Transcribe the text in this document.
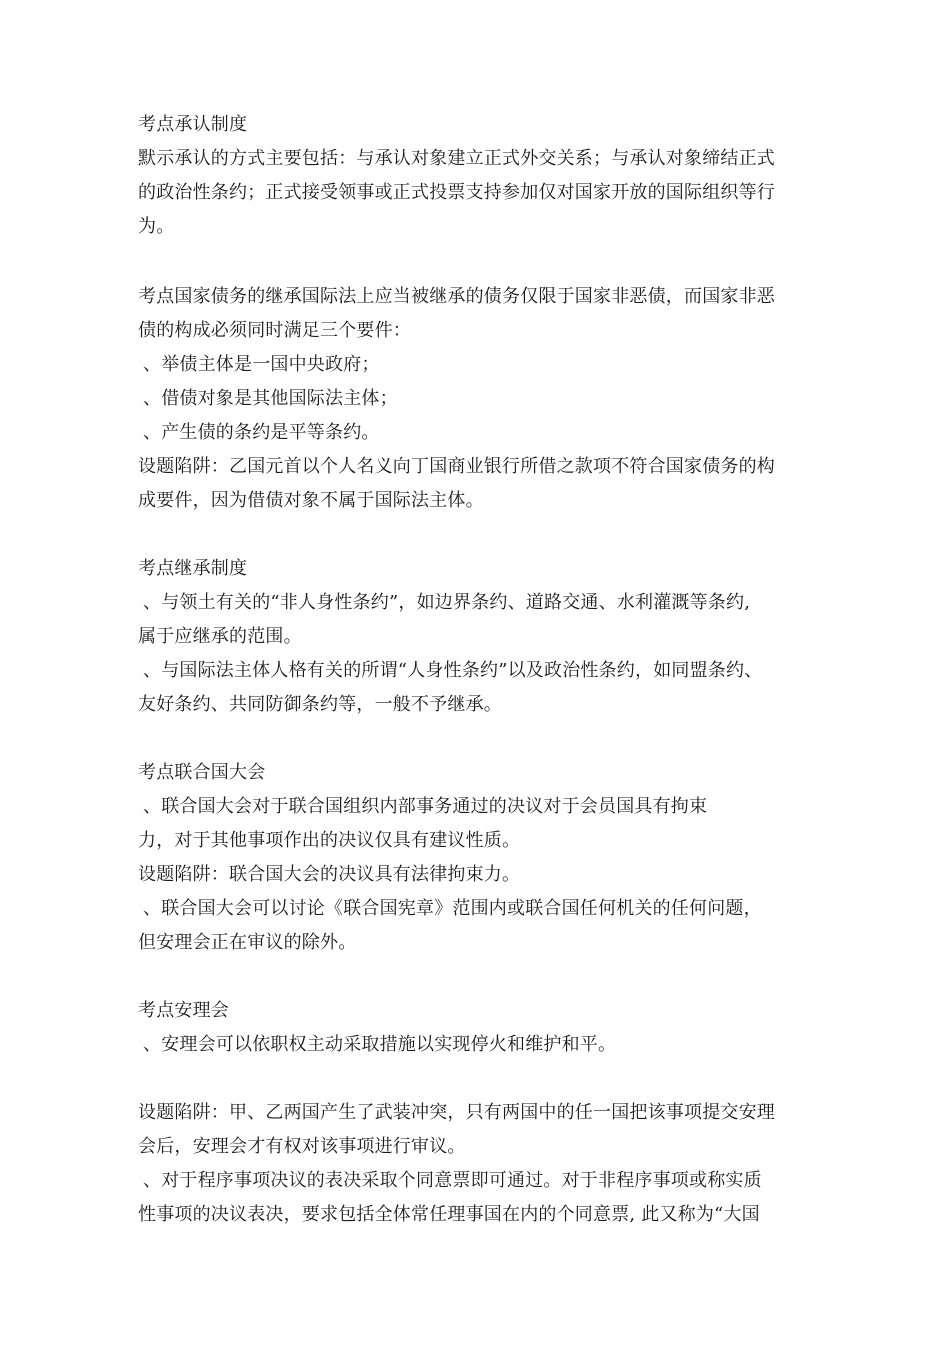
考点承认制度
默示承认的方式主要包括：与承认对象建立正式外交关系；与承认对象缔结正式
的政治性条约；正式接受领事或正式投票支持参加仅对国家开放的国际组织等行
为。
考点国家债务的继承国际法上应当被继承的债务仅限于国家非恶债，而国家非恶
债的构成必须同时满足三个要件：
、举债主体是一国中央政府；
、借债对象是其他国际法主体；
、产生债的条约是平等条约。
设题陷阱：乙国元首以个人名义向丁国商业银行所借之款项不符合国家债务的构
成要件，因为借债对象不属于国际法主体。
考点继承制度
、与领土有关的“非人身性条约”，如边界条约、道路交通、水利灌溉等条约,
属于应继承的范围。
、与国际法主体人格有关的所谓“人身性条约”以及政治性条约，如同盟条约、
友好条约、共同防御条约等，一般不予继承。
考点联合国大会
、联合国大会对于联合国组织内部事务通过的决议对于会员国具有拘束
力，对于其他事项作出的决议仅具有建议性质。
设题陷阱：联合国大会的决议具有法律拘束力。
、联合国大会可以讨论《联合国宪章》范围内或联合国任何机关的任何问题，
但安理会正在审议的除外。
考点安理会
、安理会可以依职权主动采取措施以实现停火和维护和平。
设题陷阱：甲、乙两国产生了武装冲突，只有两国中的任一国把该事项提交安理
会后，安理会才有权对该事项进行审议。
、对于程序事项决议的表决采取个同意票即可通过。对于非程序事项或称实质
性事项的决议表决，要求包括全体常任理事国在内的个同意票, 此又称为“大国
